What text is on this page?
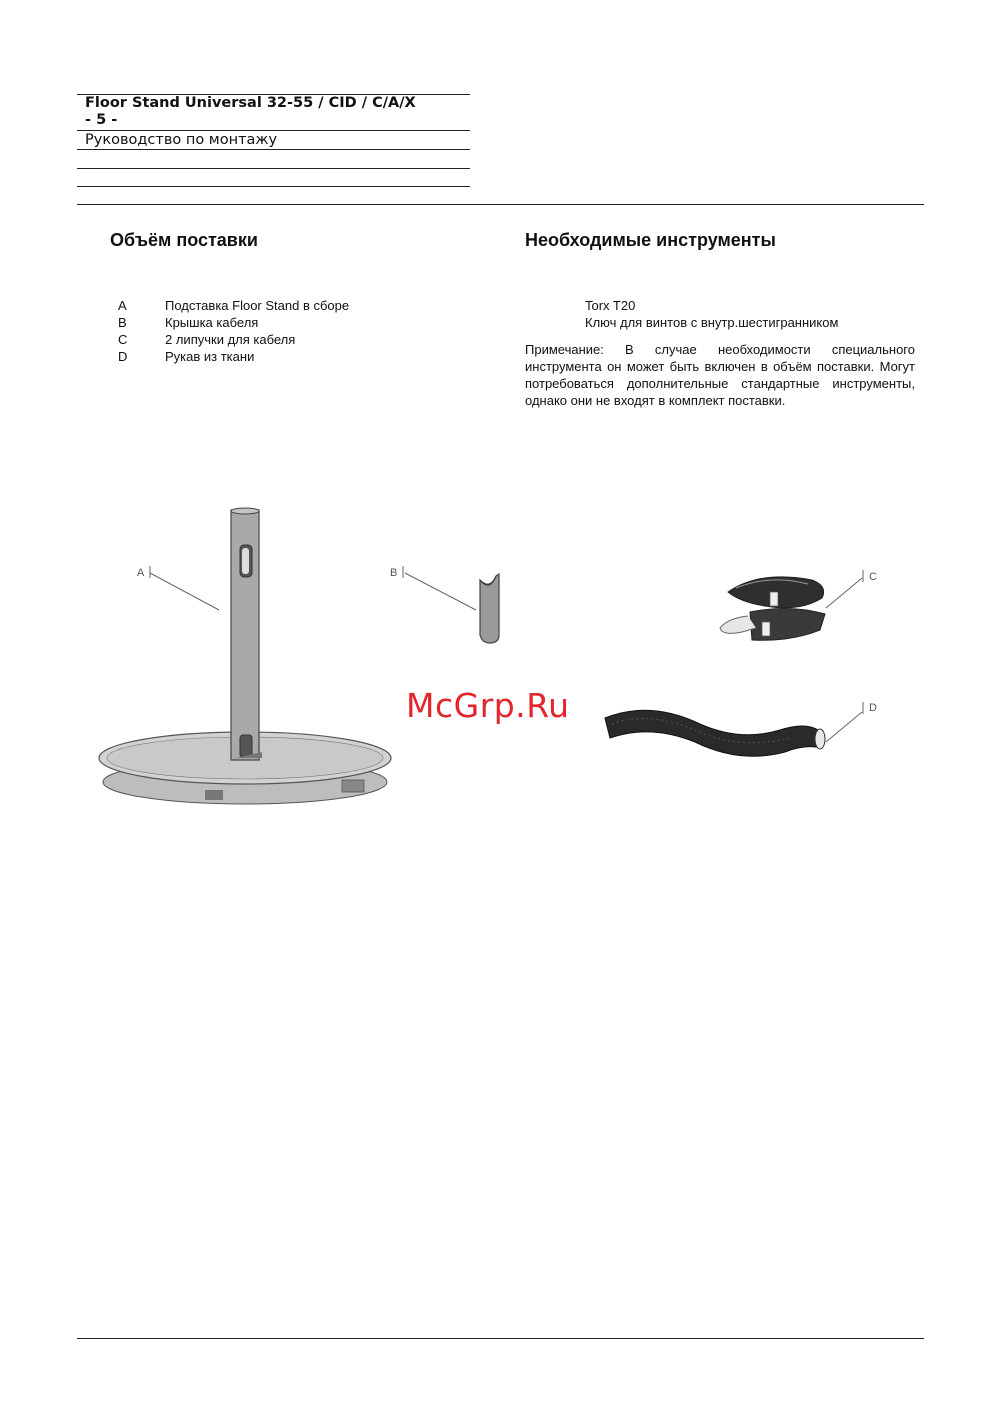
Floor Stand Universal 32-55 / CID / C/A/X
- 5 -
Руководство по монтажу
Объём поставки
A	Подставка Floor Stand в сборе
B	Крышка кабеля
C	2 липучки для кабеля
D	Рукав из ткани
Необходимые инструменты
Torx T20
Ключ для винтов с внутр.шестигранником
Примечание: В случае необходимости специального инструмента он может быть включен в объём поставки. Могут потребоваться дополнительные стандартные инструменты, однако они не входят в комплект поставки.
A	B	C
D
McGrp.Ru
